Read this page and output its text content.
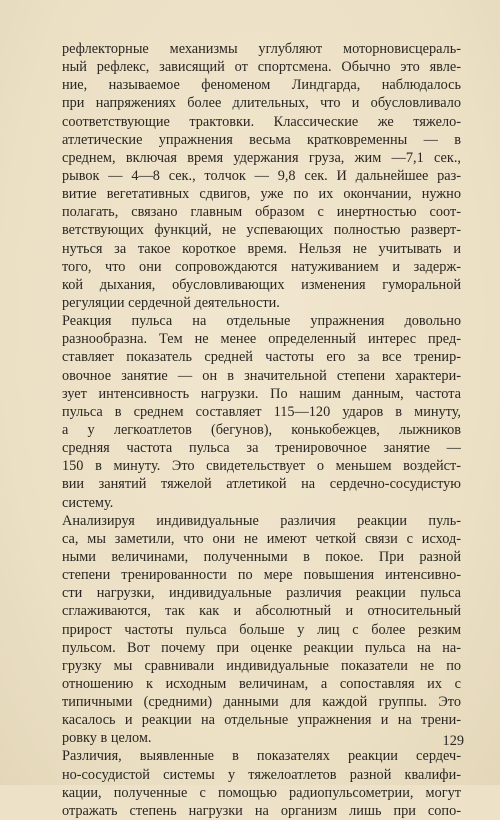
рефлекторные механизмы углубляют моторновисцераль-
ный рефлекс, зависящий от спортсмена. Обычно это явле-
ние, называемое феноменом Линдгарда, наблюдалось
при напряжениях более длительных, что и обусловливало
соответствующие трактовки. Классические же тяжело-
атлетические упражнения весьма кратковременны — в
среднем, включая время удержания груза, жим —7,1 сек.,
рывок — 4—8 сек., толчок — 9,8 сек. И дальнейшее раз-
витие вегетативных сдвигов, уже по их окончании, нужно
полагать, связано главным образом с инертностью соот-
ветствующих функций, не успевающих полностью разверт-
нуться за такое короткое время. Нельзя не учитывать и
того, что они сопровождаются натуживанием и задерж-
кой дыхания, обусловливающих изменения гуморальной
регуляции сердечной деятельности.
Реакция пульса на отдельные упражнения довольно
разнообразна. Тем не менее определенный интерес пред-
ставляет показатель средней частоты его за все тренир-
овочное занятие — он в значительной степени характери-
зует интенсивность нагрузки. По нашим данным, частота
пульса в среднем составляет 115—120 ударов в минуту,
а у легкоатлетов (бегунов), конькобежцев, лыжников
средняя частота пульса за тренировочное занятие —
150 в минуту. Это свидетельствует о меньшем воздейст-
вии занятий тяжелой атлетикой на сердечно-сосудистую
систему.
Анализируя индивидуальные различия реакции пуль-
са, мы заметили, что они не имеют четкой связи с исход-
ными величинами, полученными в покое. При разной
степени тренированности по мере повышения интенсивно-
сти нагрузки, индивидуальные различия реакции пульса
сглаживаются, так как и абсолютный и относительный
прирост частоты пульса больше у лиц с более резким
пульсом. Вот почему при оценке реакции пульса на на-
грузку мы сравнивали индивидуальные показатели не по
отношению к исходным величинам, а сопоставляя их с
типичными (средними) данными для каждой группы. Это
касалось и реакции на отдельные упражнения и на трени-
ровку в целом.
Различия, выявленные в показателях реакции сердеч-
но-сосудистой системы у тяжелоатлетов разной квалифи-
кации, полученные с помощью радиопульсометрии, могут
отражать степень нагрузки на организм лишь при сопо-
129
